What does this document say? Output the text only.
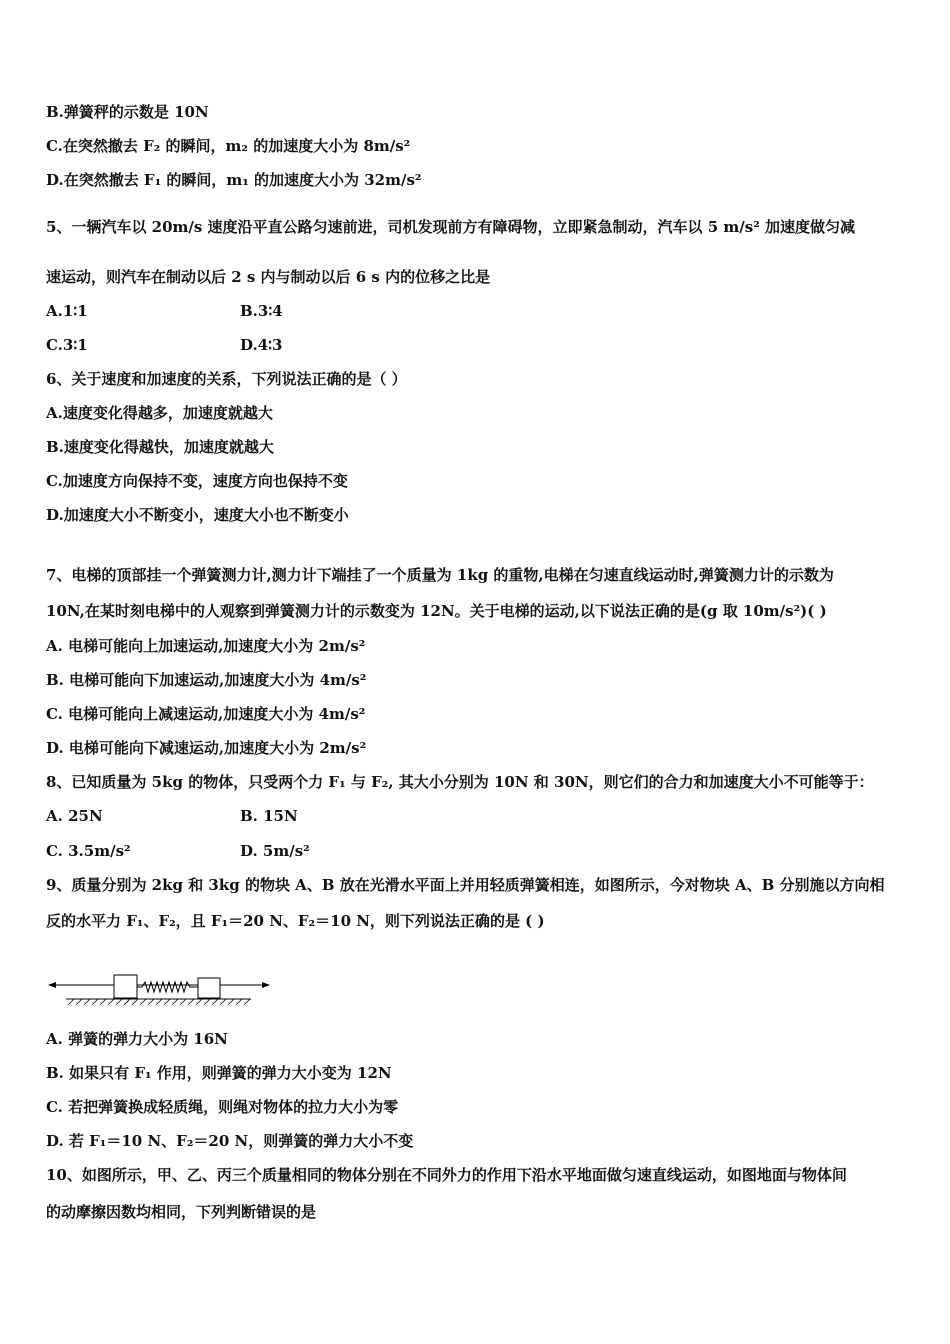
B.弹簧秤的示数是 10N
C.在突然撤去 F₂ 的瞬间，m₂ 的加速度大小为 8m/s²
D.在突然撤去 F₁ 的瞬间，m₁ 的加速度大小为 32m/s²
5、一辆汽车以 20m/s 速度沿平直公路匀速前进，司机发现前方有障碍物，立即紧急制动，汽车以 5 m/s² 加速度做匀减
速运动，则汽车在制动以后 2 s 内与制动以后 6 s 内的位移之比是
A.1∶1	B.3∶4
C.3∶1	D.4∶3
6、关于速度和加速度的关系，下列说法正确的是（ ）
A.速度变化得越多，加速度就越大
B.速度变化得越快，加速度就越大
C.加速度方向保持不变，速度方向也保持不变
D.加速度大小不断变小，速度大小也不断变小
7、电梯的顶部挂一个弹簧测力计,测力计下端挂了一个质量为 1kg 的重物,电梯在匀速直线运动时,弹簧测力计的示数为
10N,在某时刻电梯中的人观察到弹簧测力计的示数变为 12N。关于电梯的运动,以下说法正确的是(g 取 10m/s²)( )
A. 电梯可能向上加速运动,加速度大小为 2m/s²
B. 电梯可能向下加速运动,加速度大小为 4m/s²
C. 电梯可能向上减速运动,加速度大小为 4m/s²
D. 电梯可能向下减速运动,加速度大小为 2m/s²
8、已知质量为 5kg 的物体，只受两个力 F₁ 与 F₂, 其大小分别为 10N 和 30N，则它们的合力和加速度大小不可能等于：
A. 25N	B. 15N
C. 3.5m/s²	D. 5m/s²
9、质量分别为 2kg 和 3kg 的物块 A、B 放在光滑水平面上并用轻质弹簧相连，如图所示，今对物块 A、B 分别施以方向相
反的水平力 F₁、F₂，且 F₁＝20 N、F₂＝10 N，则下列说法正确的是 ( )
A. 弹簧的弹力大小为 16N
B. 如果只有 F₁ 作用，则弹簧的弹力大小变为 12N
C. 若把弹簧换成轻质绳，则绳对物体的拉力大小为零
D. 若 F₁＝10 N、F₂＝20 N，则弹簧的弹力大小不变
10、如图所示，甲、乙、丙三个质量相同的物体分别在不同外力的作用下沿水平地面做匀速直线运动，如图地面与物体间
的动摩擦因数均相同，下列判断错误的是
